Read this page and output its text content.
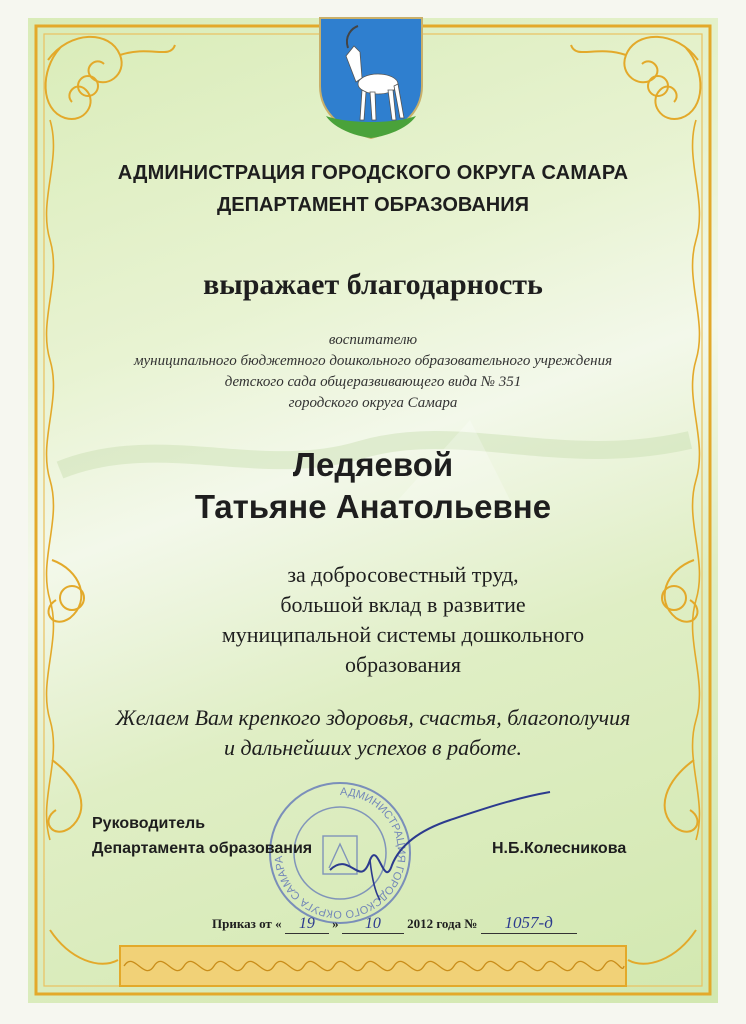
АДМИНИСТРАЦИЯ ГОРОДСКОГО ОКРУГА САМАРА

ДЕПАРТАМЕНТ ОБРАЗОВАНИЯ

выражает благодарность

воспитателю

муниципального бюджетного дошкольного образовательного учреждения

детского сада общеразвивающего вида № 351

городского округа Самара

Ледяевой

Татьяне Анатольевне

за добросовестный труд,

большой вклад в развитие

муниципальной системы дошкольного

образования

Желаем Вам крепкого здоровья, счастья, благополучия

и дальнейших успехов в работе.

АДМИНИСТРАЦИЯ ГОРОДСКОГО ОКРУГА САМАРА

Руководитель

Департамента образования	Н.Б.Колесникова

Приказ от « 19 » 10 2012 года № 1057-д
